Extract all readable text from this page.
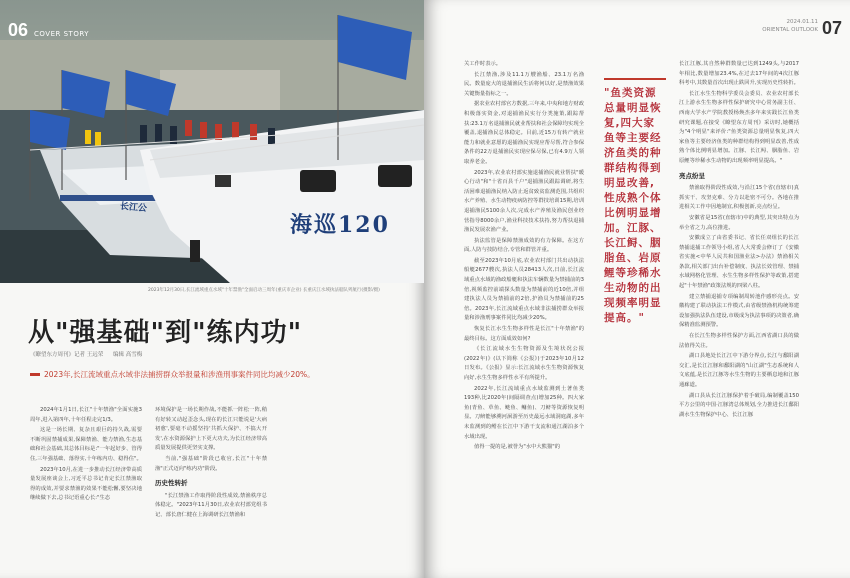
长江公
海巡120
06 COVER STORY
2023年12月30日,长江流域重点水域"十年禁渔"全面启动三周年(重庆市企业) 长重庆江水域执法船队列航行(摄影/摄)
从"强基础"到"练内功"
《瞭望东方周刊》记者 王远荣 编辑 高雪梅
2023年,长江流域重点水域非法捕捞群众举报量和涉渔刑事案件同比均减少20%。

2024年1月1日,长江"十年禁渔"全面实施3周年,进入第四年,十年任程走完1/3。

这是一场长期、复杂且艰巨的持久战,需要不断巩固禁捕成果,保障禁渔、能力禁渔,生态基础和社会基础,其总体目标是:"一年起好步、管得住,三年强基础、落得实,十年练内功、稳得住"。

2023年10月,在进一步推动长江经济带高质量发展座谈会上,习近平总书记肯定长江禁渔取得的成效,并要求禁渔的效果不能松懈,要坚决地继续做下去,总书记语重心长:"生态

环境保护是一场长期作战,不能抓一阵松一阵,稍有好转又动起歪念头,现在的长江只能说是'大病初愈',要毫不动摇坚持'共抓大保护、不搞大开发',在水资源保护上下更大功夫,为长江经济带高质量发展提供更坚实支撑。

当前,"强基础"阶段已收官,长江"十年禁渔"正式迈向"练内功"阶段。

历史性转折

"长江禁渔工作取得阶段性成效,禁渔秩序总体稳定。"2023年11月30日,农业农村部党组书记、部长唐仁健在上海调研长江禁渔和

2024.01.11
ORIENTAL OUTLOOK 07

关工作时表示。

长江禁渔,涉及11.1万艘渔船、23.1万名渔民。数量庞大的退捕渔民生活将何以好,是禁渔效果关键衡量指标之一。

据农业农村部官方数据,三年来,中央和地方财政积极落实资金,对退捕渔民实行分类施策,跟踪帮扶:23.1万名退捕渔民就业帮扶和社会保障均实现全覆盖,退捕渔民总体稳定。目前,近15万有转产就业能力和就业意愿的退捕渔民实现应帮尽帮,符合参保条件的22万退捕渔民实现应保尽保,已有4.9万人领取养老金。

2023年,农业农村部实施退捕渔民就业帮扶"暖心行动"和"十省百县千户"退捕渔民跟踪调研,将生活困难退捕渔民纳入防止返贫致贫监测范围,共组织水产养殖、水生动物疫病防控等群技培训15期,培训退捕渔民5100余人次,完成水产养殖及渔民创业经营指导8000余户,渔业科技技术扶持,努力帮扶退捕渔民发展农渔产业。

执法监管是保障禁渔成效的有力保障。在这方面,人防与技防结合,专管和群管并重。

截至2023年10月底,农业农村部门共出动执法船艇2677艘次,执法人员28413人次,日前,长江流域重点水域的渔政船艇和执法车辆数量为禁捕前的3倍,视频监控前端探头数量为禁捕前的近10倍,并组建执法人员为禁捕前的2倍,护渔员为禁捕前的25倍。2023年,长江流域重点水域非法捕捞群众举报量和涉渔刑事案件同比均减少20%。

恢复长江水生生物多样性是长江"十年禁渔"的最终目标。这方面成效如何?

《长江流域水生生物资源及生境状况公报(2022年)》(以下简称《公报》)于2023年10月12日发布。《公报》显示:长江流域水生生物资源恢复向好,水生生物多样性水平有所提升。

2022年,长江流域重点水域监测到土著鱼类193种,比2020年(间隔调查点)增加25种。四大家鱼(青鱼、草鱼、鲢鱼、鳙鱼)、刀鲚等资源恢复明显。刀鲚能够溯河洄游至历史最远水域洞庭湖,多年未监测到的鳤在长江中下游干支流和通江湖泊多个水域出现。

值得一提的是,被誉为"水中大熊猫"的

"鱼类资源总量明显恢复,四大家鱼等主要经济鱼类的种群结构得到明显改善,性成熟个体比例明显增加。江豚、长江鲟、胭脂鱼、岩原鲤等珍稀水生动物的出现频率明显提高。"

长江江豚,其自然种群数量已达到1249头,与2017年相比,数量增加23.4%,在过去17年间的4次江豚科考中,其数量首次出现止跌回升,实现历史性转折。

长江水生生物科学委员会委员、农业农村部长江上游水生生物多样性保护研究中心常务副主任、西南大学水产学院教授杨焕杰多年来实践长江鱼类研究课题,在接受《瞭望东方周刊》采访时,她概括为"4个明显"来评价:"鱼类资源总量明显恢复,四大家鱼等主要经济鱼类的种群结构得到明显改善,性成熟个体比例明显增加。江豚、长江鲟、胭脂鱼、岩原鲤等珍稀水生动物的出现频率明显提高。"

亮点纷呈

禁渔取得阶段性成效,与沿江15个省(直辖市)真抓实干、攻坚克难、分力以赴密不可分。各地在推进相关工作中因地制宜,积极创新,亮点纷呈。

安徽省是15省(直辖市)中的典型,其突出特点为举全省之力,高位推进。

安徽成立了由省委书记、省长任双组长的长江禁捕退捕工作领导小组,省人大常委会修订了《安徽省实施<中华人民共和国渔业法>办法》禁渔相关条款,相关部门出台补偿制度、执法长效管理、禁捕水域网格化管理、水生生物多样性保护等政策,搭建起"十年禁渔"政策法规的四梁八柱。

建立禁捕退捕专项编制周转池作感形亮点。安徽构建了联动执法工作模式,由省级禁渔机构统筹建设加强执法队伍建设,市级成为执法事项的决策者,确保精准监测预警。

在长江生物多样性保护方面,江西省湖口县的做法值得关注。

湖口县地处长江江中下游分界点,长江与鄱阳湖交汇,是长江江豚和鄱阳湖的"山江湖"生态系统和人文底蕴,是长江江豚等水生生物的主要栖息地和江豚通廊道。

湖口县从长江江豚保护着手破局,编制覆盖150平方公里的中国·江豚湾总体规划,全力推进长江鄱阳湖水生生物保护中心、长江江豚
